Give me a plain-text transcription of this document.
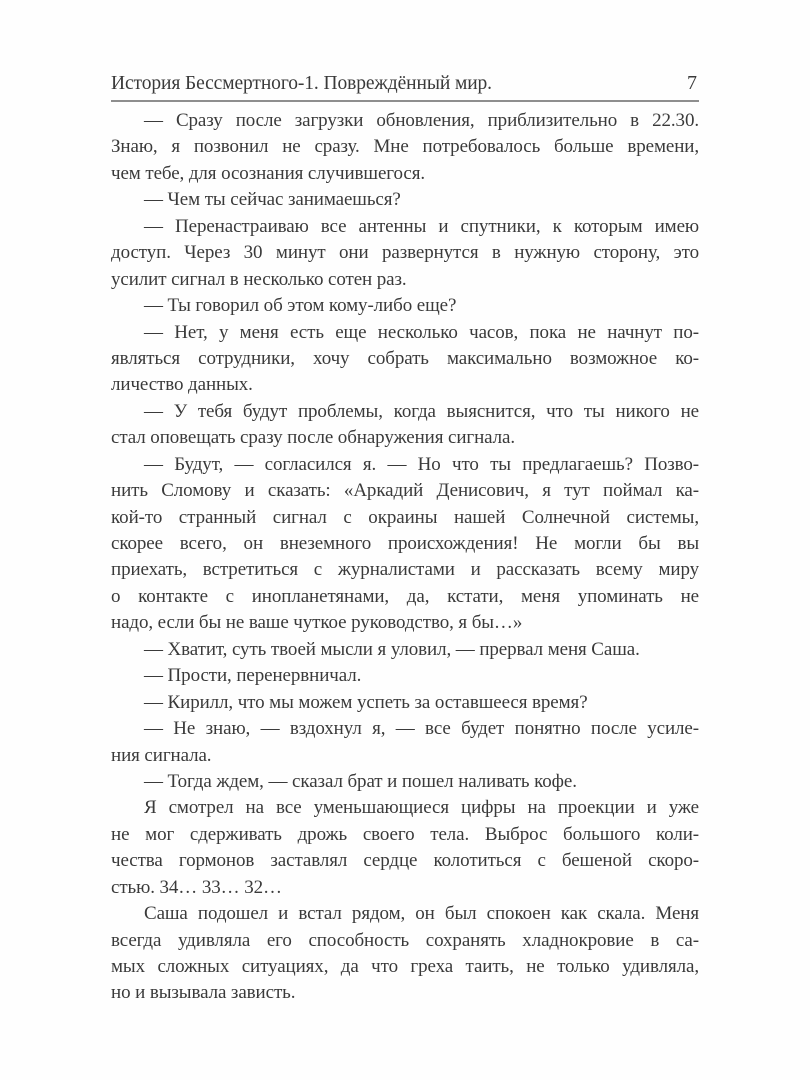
История Бессмертного-1. Повреждённый мир.	7
— Сразу после загрузки обновления, приблизительно в 22.30.
Знаю, я позвонил не сразу. Мне потребовалось больше времени,
чем тебе, для осознания случившегося.
— Чем ты сейчас занимаешься?
— Перенастраиваю все антенны и спутники, к которым имею
доступ. Через 30 минут они развернутся в нужную сторону, это
усилит сигнал в несколько сотен раз.
— Ты говорил об этом кому-либо еще?
— Нет, у меня есть еще несколько часов, пока не начнут по-
являться сотрудники, хочу собрать максимально возможное ко-
личество данных.
— У тебя будут проблемы, когда выяснится, что ты никого не
стал оповещать сразу после обнаружения сигнала.
— Будут, — согласился я. — Но что ты предлагаешь? Позво-
нить Сломову и сказать: «Аркадий Денисович, я тут поймал ка-
кой-то странный сигнал с окраины нашей Солнечной системы,
скорее всего, он внеземного происхождения! Не могли бы вы
приехать, встретиться с журналистами и рассказать всему миру
о контакте с инопланетянами, да, кстати, меня упоминать не
надо, если бы не ваше чуткое руководство, я бы…»
— Хватит, суть твоей мысли я уловил, — прервал меня Саша.
— Прости, перенервничал.
— Кирилл, что мы можем успеть за оставшееся время?
— Не знаю, — вздохнул я, — все будет понятно после усиле-
ния сигнала.
— Тогда ждем, — сказал брат и пошел наливать кофе.
Я смотрел на все уменьшающиеся цифры на проекции и уже
не мог сдерживать дрожь своего тела. Выброс большого коли-
чества гормонов заставлял сердце колотиться с бешеной скоро-
стью. 34… 33… 32…
Саша подошел и встал рядом, он был спокоен как скала. Меня
всегда удивляла его способность сохранять хладнокровие в са-
мых сложных ситуациях, да что греха таить, не только удивляла,
но и вызывала зависть.
